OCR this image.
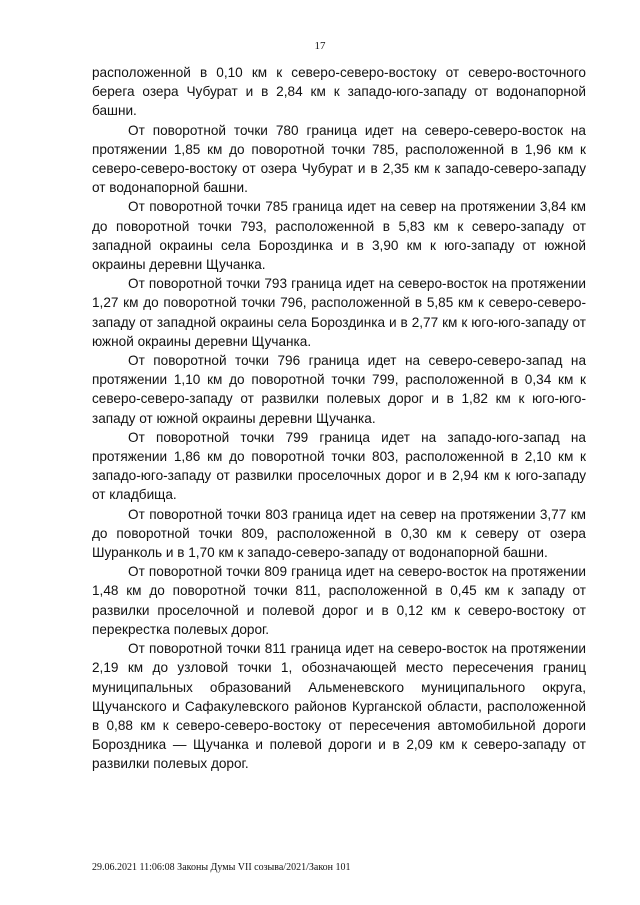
17

расположенной в 0,10 км к северо-северо-востоку от северо-восточного берега озера Чубурат и в 2,84 км к западо-юго-западу от водонапорной башни.

От поворотной точки 780 граница идет на северо-северо-восток на протяжении 1,85 км до поворотной точки 785, расположенной в 1,96 км к северо-северо-востоку от озера Чубурат и в 2,35 км к западо-северо-западу от водонапорной башни.

От поворотной точки 785 граница идет на север на протяжении 3,84 км до поворотной точки 793, расположенной в 5,83 км к северо-западу от западной окраины села Бороздинка и в 3,90 км к юго-западу от южной окраины деревни Щучанка.

От поворотной точки 793 граница идет на северо-восток на протяжении 1,27 км до поворотной точки 796, расположенной в 5,85 км к северо-северо-западу от западной окраины села Бороздинка и в 2,77 км к юго-юго-западу от южной окраины деревни Щучанка.

От поворотной точки 796 граница идет на северо-северо-запад на протяжении 1,10 км до поворотной точки 799, расположенной в 0,34 км к северо-северо-западу от развилки полевых дорог и в 1,82 км к юго-юго-западу от южной окраины деревни Щучанка.

От поворотной точки 799 граница идет на западо-юго-запад на протяжении 1,86 км до поворотной точки 803, расположенной в 2,10 км к западо-юго-западу от развилки проселочных дорог и в 2,94 км к юго-западу от кладбища.

От поворотной точки 803 граница идет на север на протяжении 3,77 км до поворотной точки 809, расположенной в 0,30 км к северу от озера Шуранколь и в 1,70 км к западо-северо-западу от водонапорной башни.

От поворотной точки 809 граница идет на северо-восток на протяжении 1,48 км до поворотной точки 811, расположенной в 0,45 км к западу от развилки проселочной и полевой дорог и в 0,12 км к северо-востоку от перекрестка полевых дорог.

От поворотной точки 811 граница идет на северо-восток на протяжении 2,19 км до узловой точки 1, обозначающей место пересечения границ муниципальных образований Альменевского муниципального округа, Щучанского и Сафакулевского районов Курганской области, расположенной в 0,88 км к северо-северо-востоку от пересечения автомобильной дороги Бороздника — Щучанка и полевой дороги и в 2,09 км к северо-западу от развилки полевых дорог.

29.06.2021 11:06:08 Законы Думы VII созыва/2021/Закон 101
